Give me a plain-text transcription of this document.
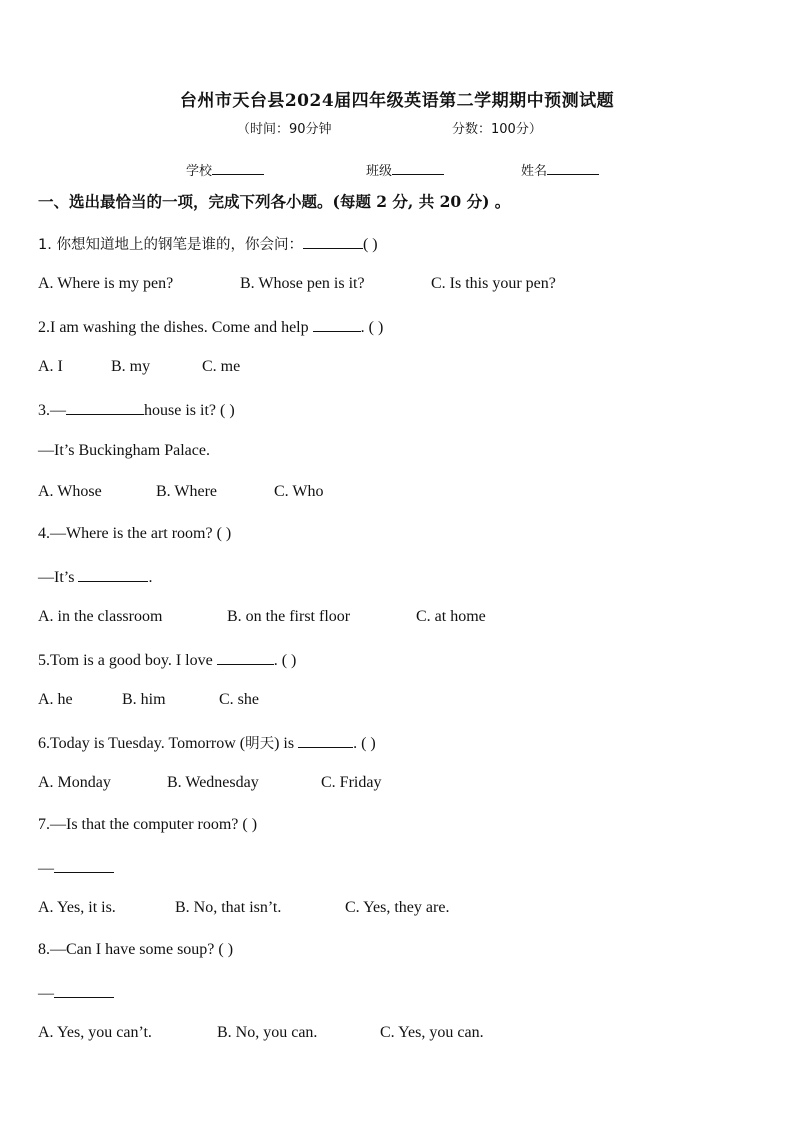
台州市天台县2024届四年级英语第二学期期中预测试题
（时间：90分钟	分数：100分）
学校	班级	姓名
一、选出最恰当的一项，完成下列各小题。(每题 2 分, 共 20 分) 。
1. 你想知道地上的钢笔是谁的，你会问：	( )
A. Where is my pen?	B. Whose pen is it?	C. Is this your pen?
2.I am washing the dishes. Come and help	. ( )
A. I	B. my	C. me
3.—	house is it? ( )
—It’s Buckingham Palace.
A. Whose	B. Where	C. Who
4.—Where is the art room? ( )
—It’s	.
A. in the classroom	B. on the first floor	C. at home
5.Tom is a good boy. I love	. ( )
A. he	B. him	C. she
6.Today is Tuesday. Tomorrow (明天) is	. ( )
A. Monday	B. Wednesday	C. Friday
7.—Is that the computer room? ( )
—
A. Yes, it is.	B. No, that isn’t.	C. Yes, they are.
8.—Can I have some soup? ( )
—
A. Yes, you can’t.	B. No, you can.	C. Yes, you can.
